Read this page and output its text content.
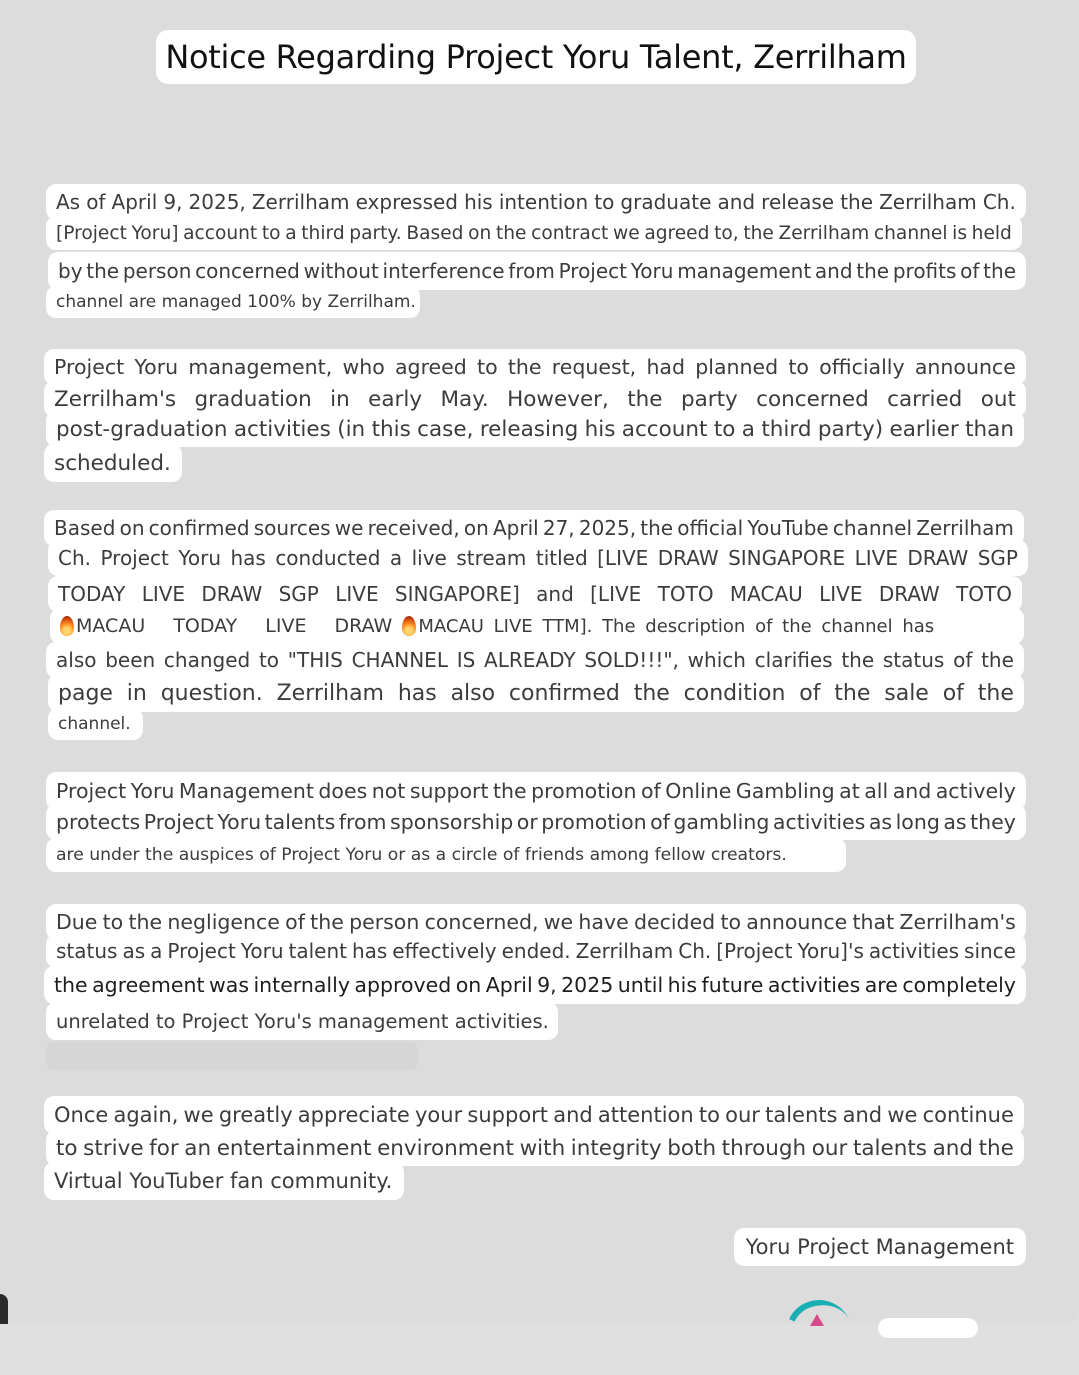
Notice Regarding Project Yoru Talent, Zerrilham
As of April 9, 2025, Zerrilham expressed his intention to graduate and release the Zerrilham Ch.
[Project Yoru] account to a third party. Based on the contract we agreed to, the Zerrilham channel is held
by the person concerned without interference from Project Yoru management and the profits of the
channel are managed 100% by Zerrilham.
Project Yoru management, who agreed to the request, had planned to officially announce
Zerrilham's graduation in early May. However, the party concerned carried out
post-graduation activities (in this case, releasing his account to a third party) earlier than
scheduled.
Based on confirmed sources we received, on April 27, 2025, the official YouTube channel Zerrilham
Ch. Project Yoru has conducted a live stream titled [LIVE DRAW SINGAPORE LIVE DRAW SGP
TODAY LIVE DRAW SGP LIVE SINGAPORE] and [LIVE TOTO MACAU LIVE DRAW TOTO
MACAU TODAY LIVE DRAW MACAU LIVE TTM]. The description of the channel has
also been changed to "THIS CHANNEL IS ALREADY SOLD!!!", which clarifies the status of the
page in question. Zerrilham has also confirmed the condition of the sale of the
channel.
Project Yoru Management does not support the promotion of Online Gambling at all and actively
protects Project Yoru talents from sponsorship or promotion of gambling activities as long as they
are under the auspices of Project Yoru or as a circle of friends among fellow creators.
Due to the negligence of the person concerned, we have decided to announce that Zerrilham's
status as a Project Yoru talent has effectively ended. Zerrilham Ch. [Project Yoru]'s activities since
the agreement was internally approved on April 9, 2025 until his future activities are completely
unrelated to Project Yoru's management activities.
Once again, we greatly appreciate your support and attention to our talents and we continue
to strive for an entertainment environment with integrity both through our talents and the
Virtual YouTuber fan community.
Yoru Project Management
